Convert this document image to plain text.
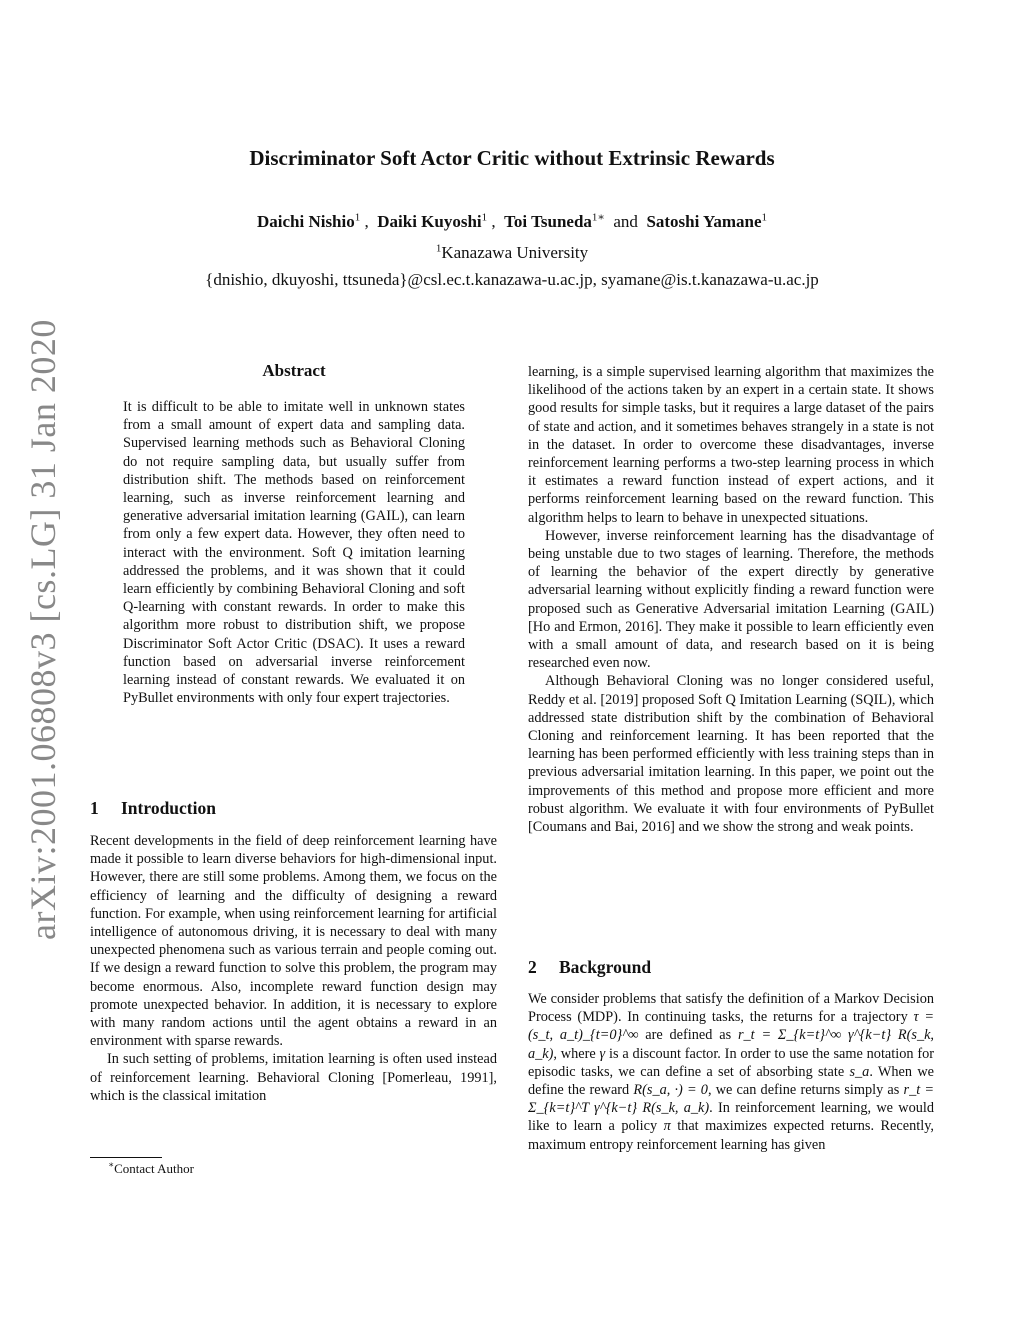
Discriminator Soft Actor Critic without Extrinsic Rewards
Daichi Nishio$^1$ ,  Daiki Kuyoshi$^1$ ,  Toi Tsuneda$^{1∗}$ and Satoshi Yamane$^1$
$^1$Kanazawa University
{dnishio, dkuyoshi, ttsuneda}@csl.ec.t.kanazawa-u.ac.jp, syamane@is.t.kanazawa-u.ac.jp
arXiv:2001.06808v3 [cs.LG] 31 Jan 2020	Abstract

It is difficult to be able to imitate well in unknown states from a small amount of expert data and sampling data. Supervised learning methods such as Behavioral Cloning do not require sampling data, but usually suffer from distribution shift. The methods based on reinforcement learning, such as inverse reinforcement learning and generative adversarial imitation learning (GAIL), can learn from only a few expert data. However, they often need to interact with the environment. Soft Q imitation learning addressed the problems, and it was shown that it could learn efficiently by combining Behavioral Cloning and soft Q-learning with constant rewards. In order to make this algorithm more robust to distribution shift, we propose Discriminator Soft Actor Critic (DSAC). It uses a reward function based on adversarial inverse reinforcement learning instead of constant rewards. We evaluated it on PyBullet environments with only four expert trajectories.

1 Introduction

Recent developments in the field of deep reinforcement learning have made it possible to learn diverse behaviors for high-dimensional input. However, there are still some problems. Among them, we focus on the efficiency of learning and the difficulty of designing a reward function. For example, when using reinforcement learning for artificial intelligence of autonomous driving, it is necessary to deal with many unexpected phenomena such as various terrain and people coming out. If we design a reward function to solve this problem, the program may become enormous. Also, incomplete reward function design may promote unexpected behavior. In addition, it is necessary to explore with many random actions until the agent obtains a reward in an environment with sparse rewards.

In such setting of problems, imitation learning is often used instead of reinforcement learning. Behavioral Cloning [Pomerleau, 1991], which is the classical imitation

learning, is a simple supervised learning algorithm that maximizes the likelihood of the actions taken by an expert in a certain state. It shows good results for simple tasks, but it requires a large dataset of the pairs of state and action, and it sometimes behaves strangely in a state is not in the dataset. In order to overcome these disadvantages, inverse reinforcement learning performs a two-step learning process in which it estimates a reward function instead of expert actions, and it performs reinforcement learning based on the reward function. This algorithm helps to learn to behave in unexpected situations.

However, inverse reinforcement learning has the disadvantage of being unstable due to two stages of learning. Therefore, the methods of learning the behavior of the expert directly by generative adversarial learning without explicitly finding a reward function were proposed such as Generative Adversarial imitation Learning (GAIL) [Ho and Ermon, 2016]. They make it possible to learn efficiently even with a small amount of data, and research based on it is being researched even now.

Although Behavioral Cloning was no longer considered useful, Reddy et al. [2019] proposed Soft Q Imitation Learning (SQIL), which addressed state distribution shift by the combination of Behavioral Cloning and reinforcement learning. It has been reported that the learning has been performed efficiently with less training steps than in previous adversarial imitation learning. In this paper, we point out the improvements of this method and propose more efficient and more robust algorithm. We evaluate it with four environments of PyBullet [Coumans and Bai, 2016] and we show the strong and weak points.

2 Background

We consider problems that satisfy the definition of a Markov Decision Process (MDP). In continuing tasks, the returns for a trajectory τ = (s_t, a_t)_{t=0}^∞ are defined as r_t = Σ_{k=t}^∞ γ^{k−t} R(s_k, a_k), where γ is a discount factor. In order to use the same notation for episodic tasks, we can define a set of absorbing state s_a. When we define the reward R(s_a, ·) = 0, we can define returns simply as r_t = Σ_{k=t}^T γ^{k−t} R(s_k, a_k). In reinforcement learning, we would like to learn a policy π that maximizes expected returns. Recently, maximum entropy reinforcement learning has given

∗Contact Author
